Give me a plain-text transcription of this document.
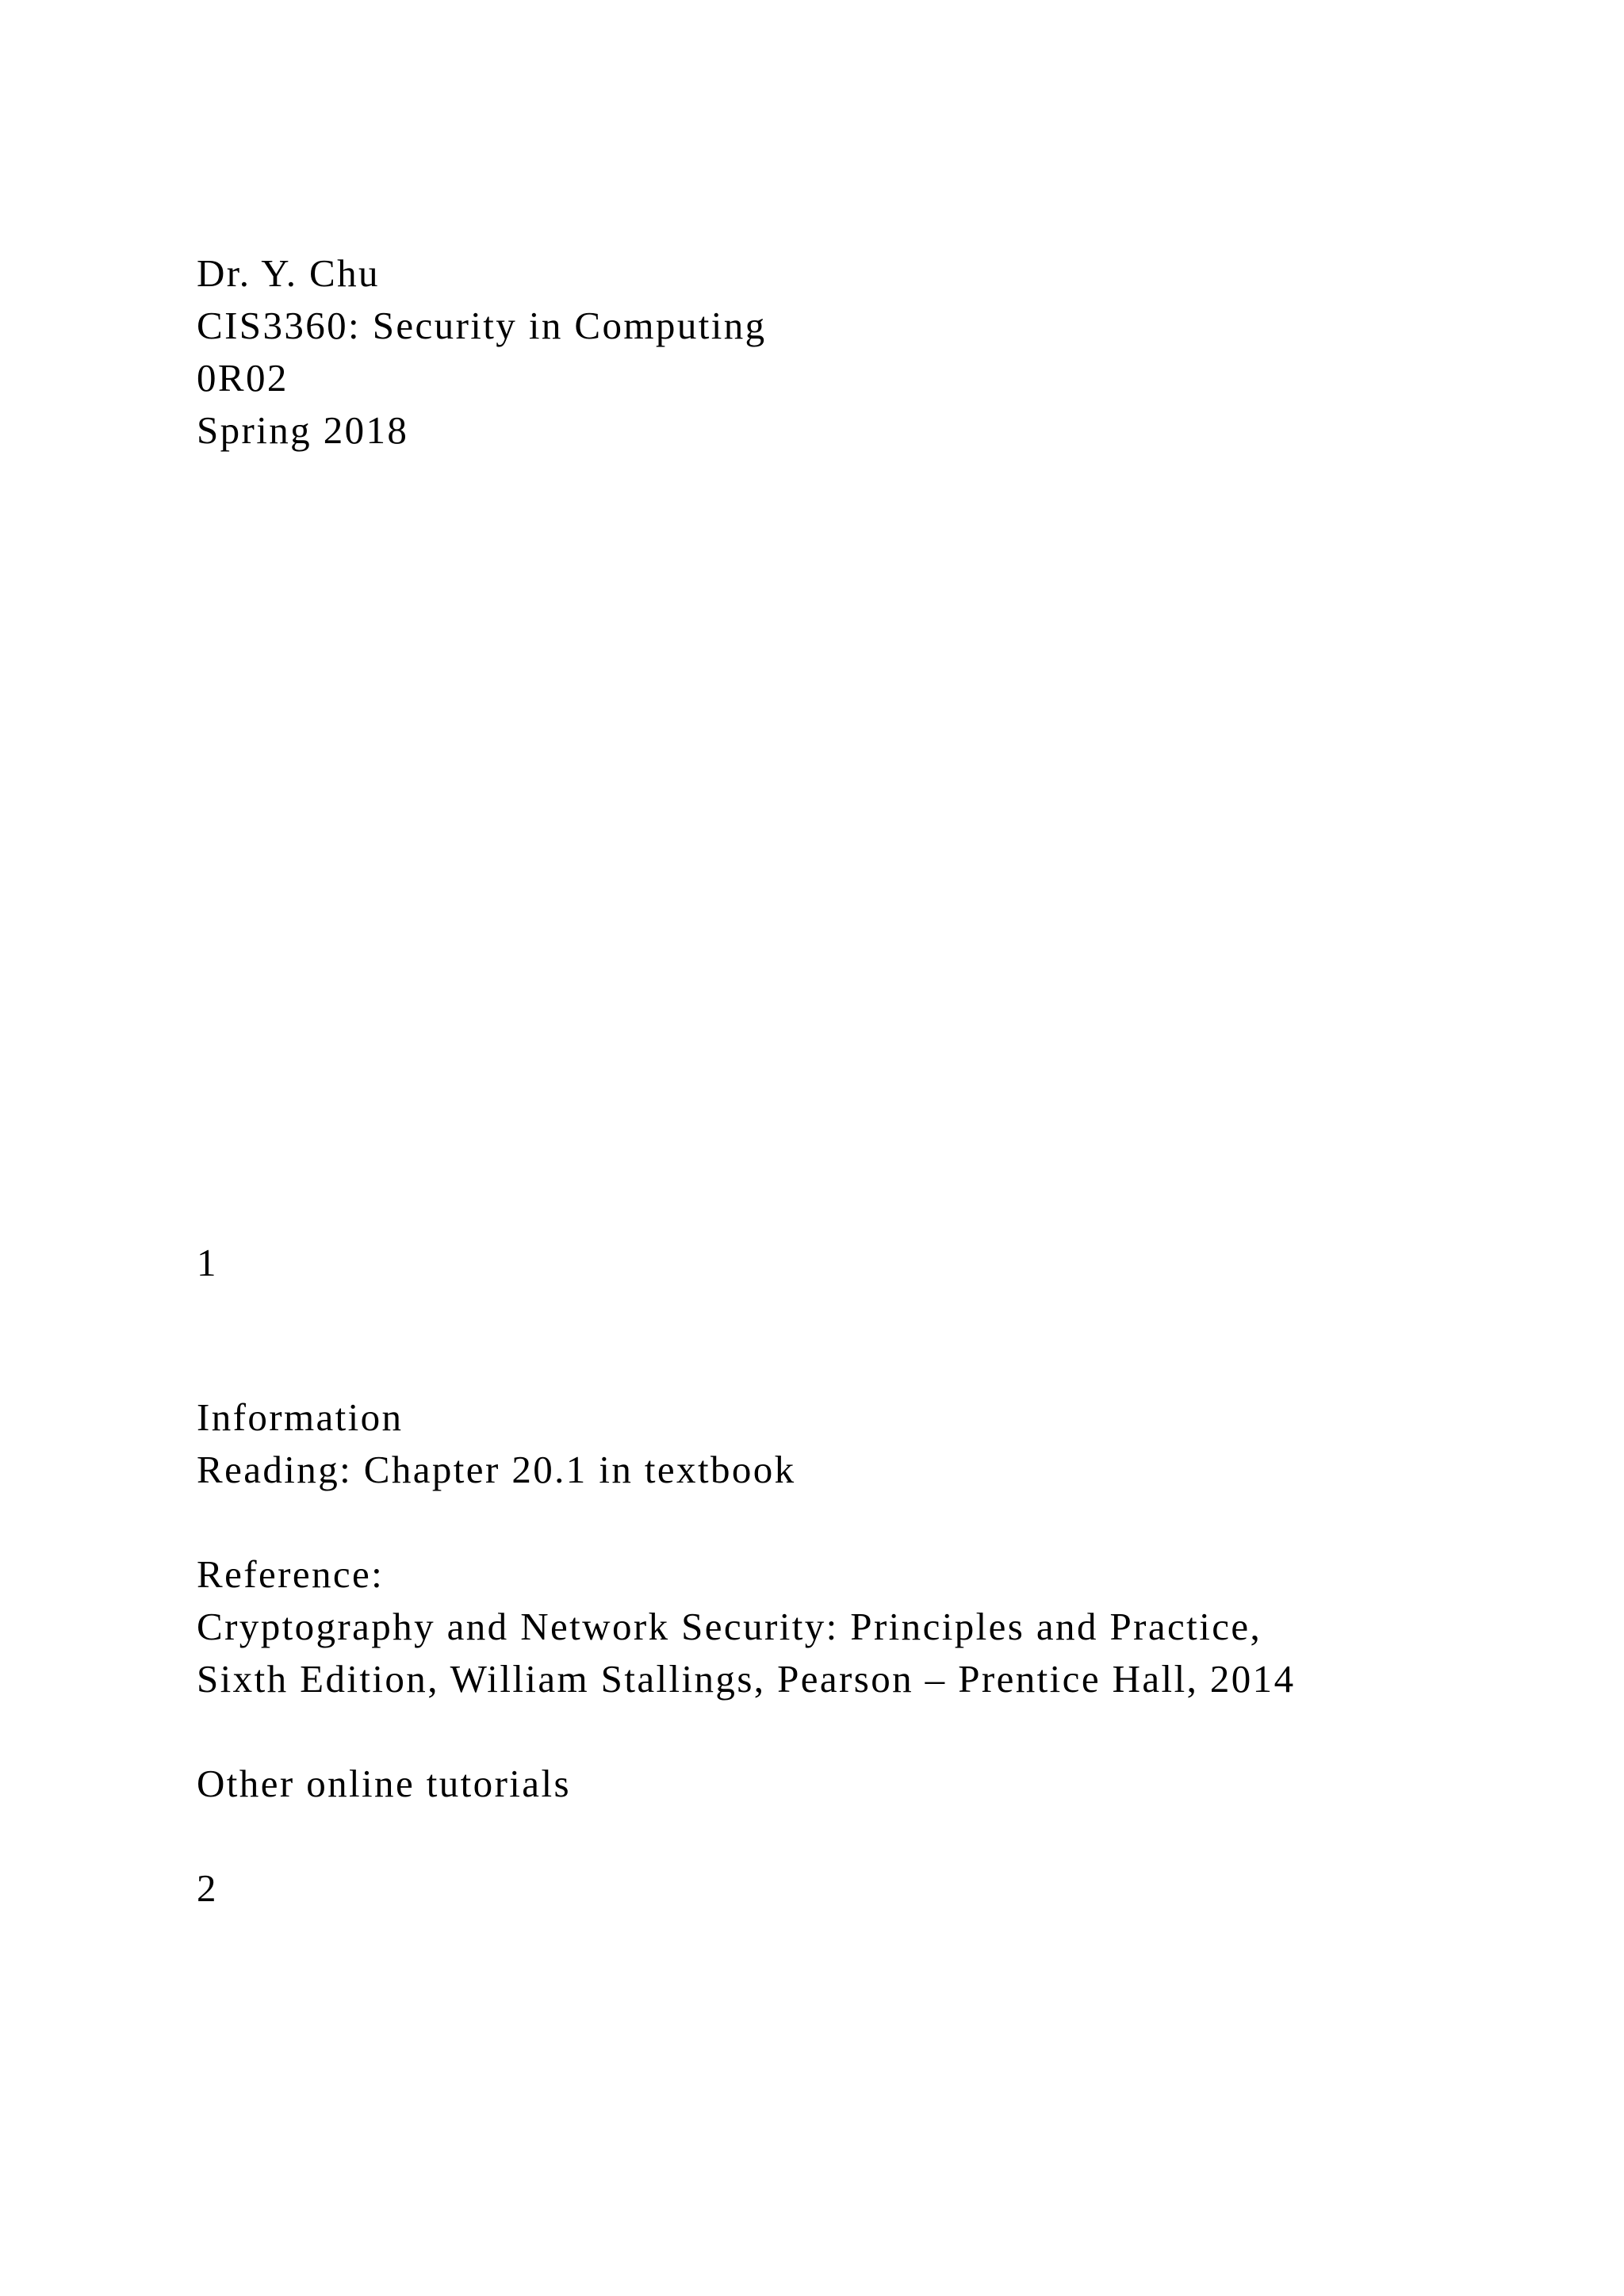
Dr. Y. Chu

CIS3360: Security in Computing

0R02

Spring 2018

1

Information

Reading: Chapter 20.1 in textbook

Reference:

Cryptography and Network Security: Principles and Practice,

Sixth Edition, William Stallings, Pearson – Prentice Hall, 2014

Other online tutorials

2
